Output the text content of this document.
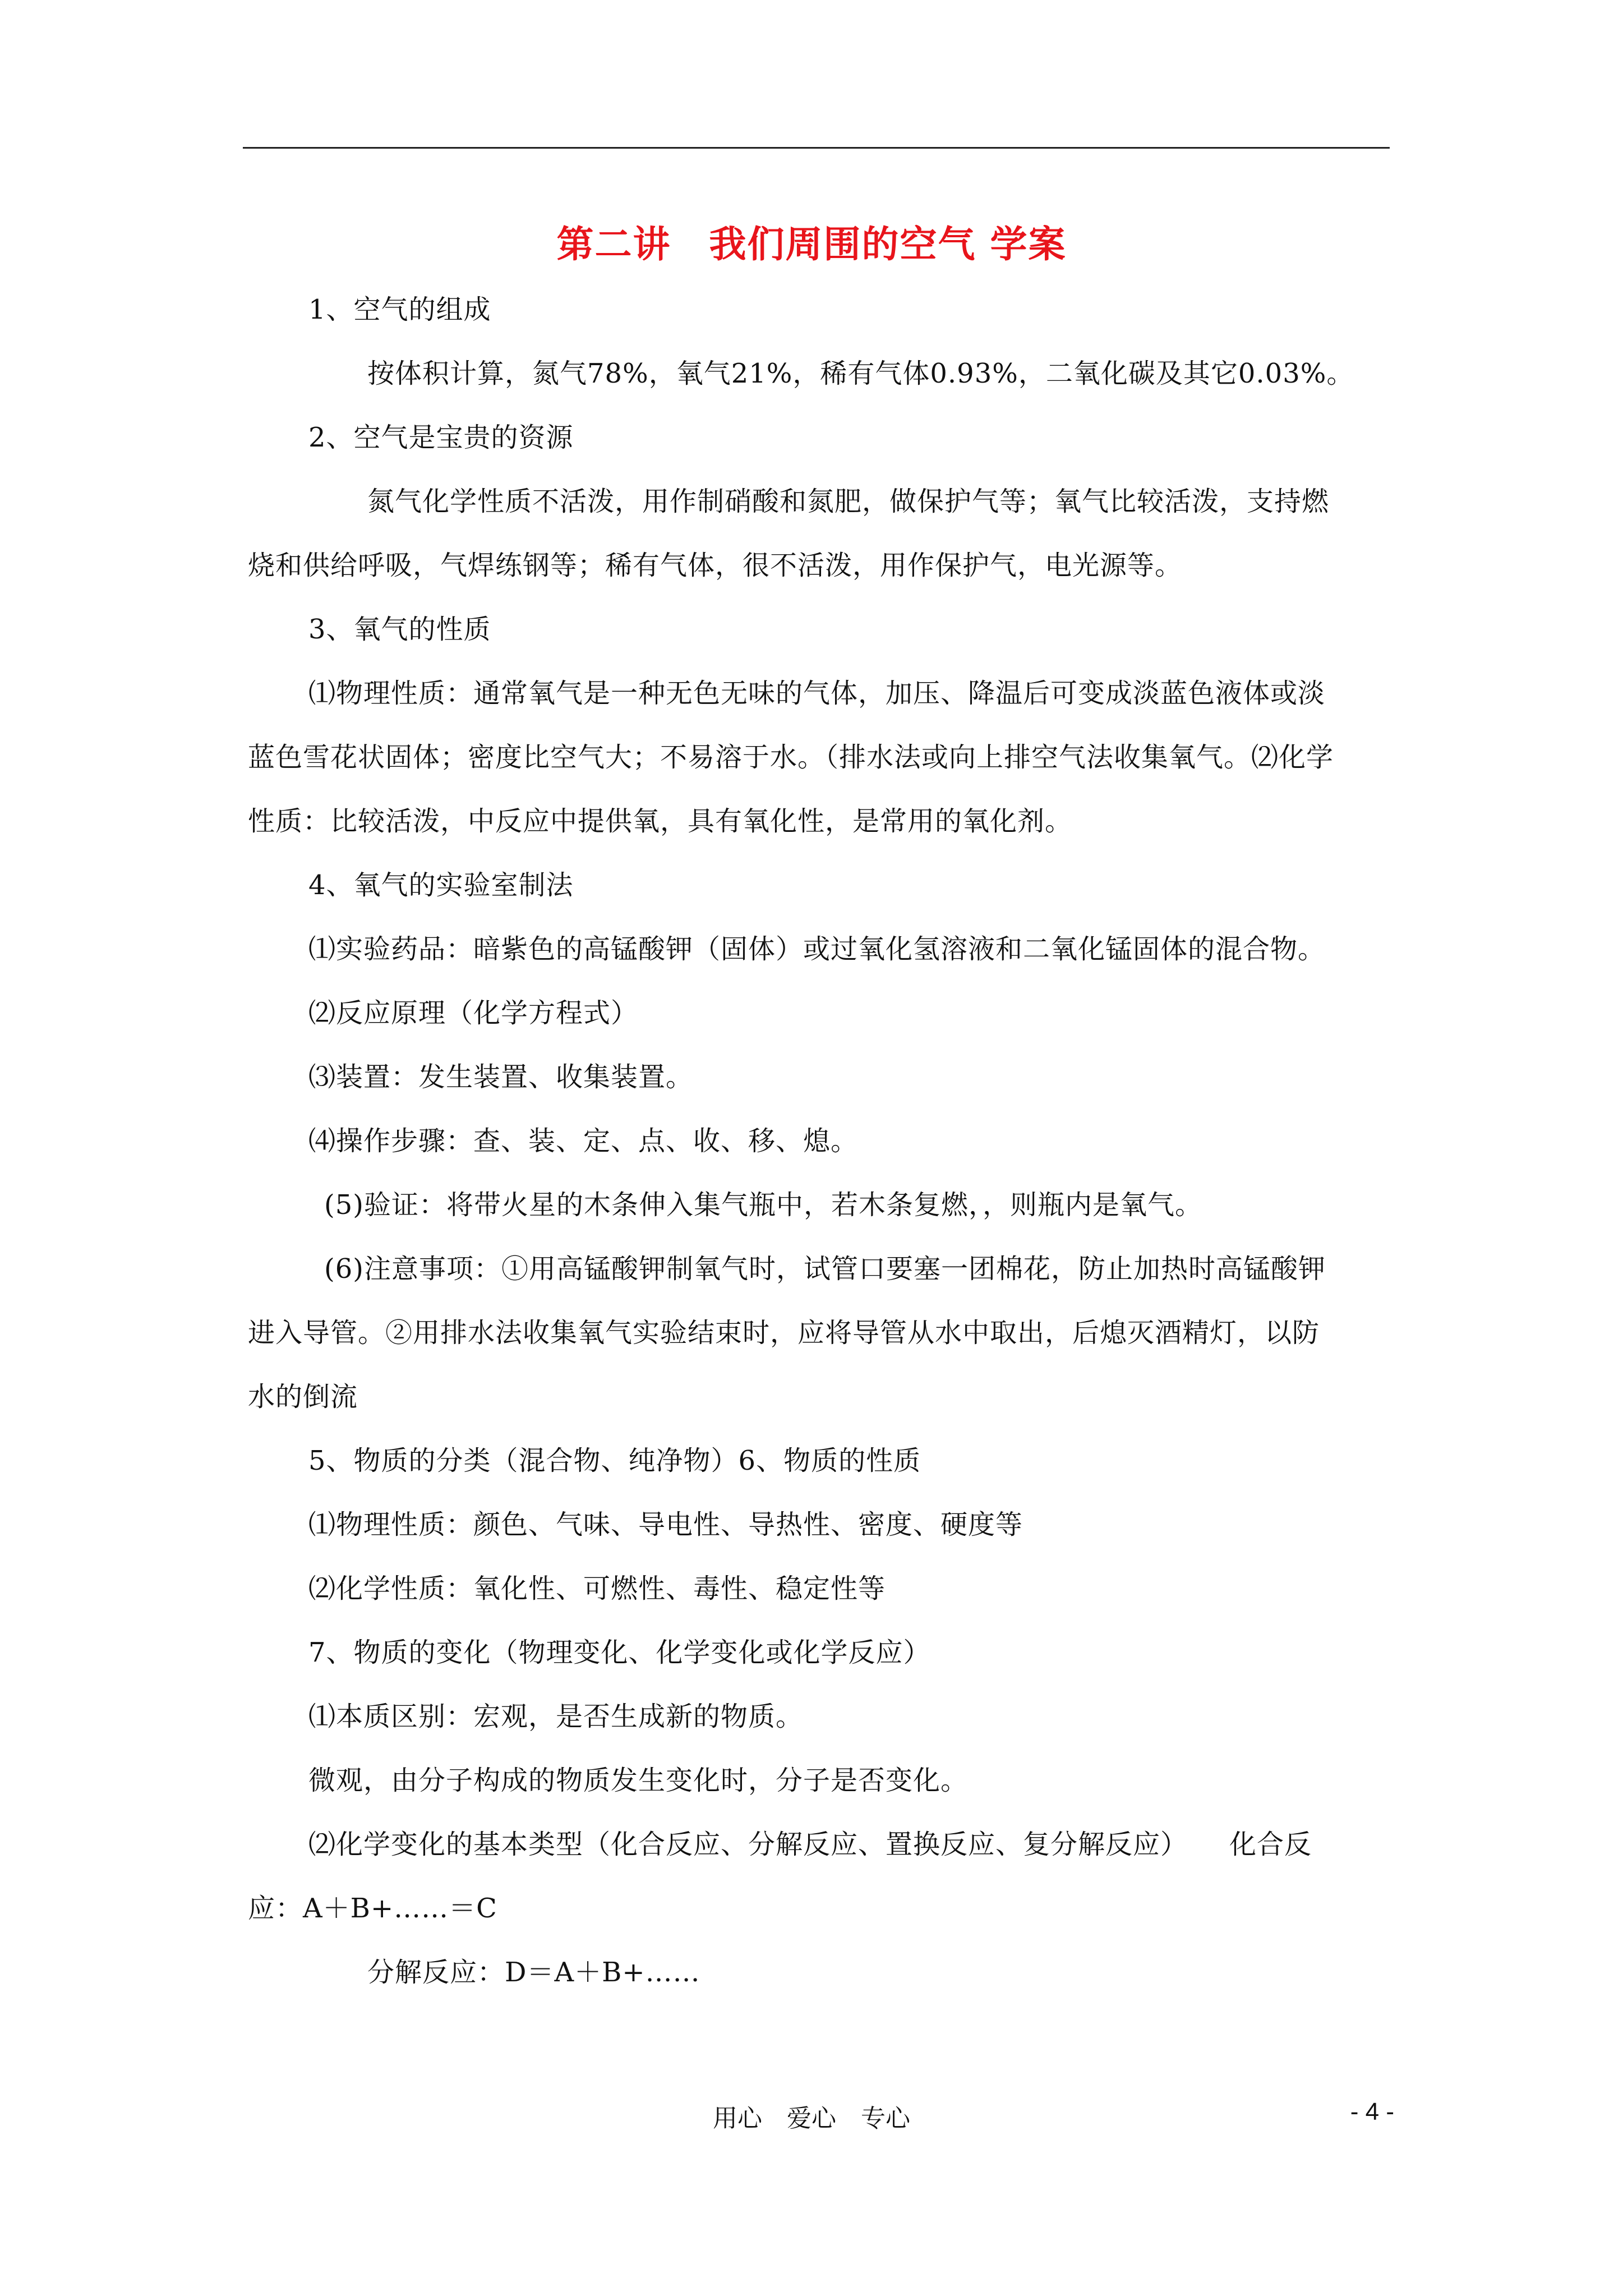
第二讲　我们周围的空气 学案

1、空气的组成

按体积计算，氮气78%，氧气21%，稀有气体0.93%，二氧化碳及其它0.03%。

2、空气是宝贵的资源

氮气化学性质不活泼，用作制硝酸和氮肥，做保护气等；氧气比较活泼，支持燃

烧和供给呼吸，气焊练钢等；稀有气体，很不活泼，用作保护气，电光源等。

3、氧气的性质

⑴物理性质：通常氧气是一种无色无味的气体，加压、降温后可变成淡蓝色液体或淡

蓝色雪花状固体；密度比空气大；不易溶于水。（排水法或向上排空气法收集氧气。⑵化学

性质：比较活泼，中反应中提供氧，具有氧化性，是常用的氧化剂。

4、氧气的实验室制法

⑴实验药品：暗紫色的高锰酸钾（固体）或过氧化氢溶液和二氧化锰固体的混合物。

⑵反应原理（化学方程式）

⑶装置：发生装置、收集装置。

⑷操作步骤：查、装、定、点、收、移、熄。

(5)验证：将带火星的木条伸入集气瓶中，若木条复燃，，则瓶内是氧气。

(6)注意事项：①用高锰酸钾制氧气时，试管口要塞一团棉花，防止加热时高锰酸钾

进入导管。②用排水法收集氧气实验结束时，应将导管从水中取出，后熄灭酒精灯，以防

水的倒流

5、物质的分类（混合物、纯净物）6、物质的性质

⑴物理性质：颜色、气味、导电性、导热性、密度、硬度等

⑵化学性质：氧化性、可燃性、毒性、稳定性等

7、物质的变化（物理变化、化学变化或化学反应）

⑴本质区别：宏观，是否生成新的物质。

微观，由分子构成的物质发生变化时，分子是否变化。

⑵化学变化的基本类型（化合反应、分解反应、置换反应、复分解反应）　　化合反

应：A＋B+……＝C

分解反应：D＝A＋B+……

用心　爱心　专心	- 4 -
